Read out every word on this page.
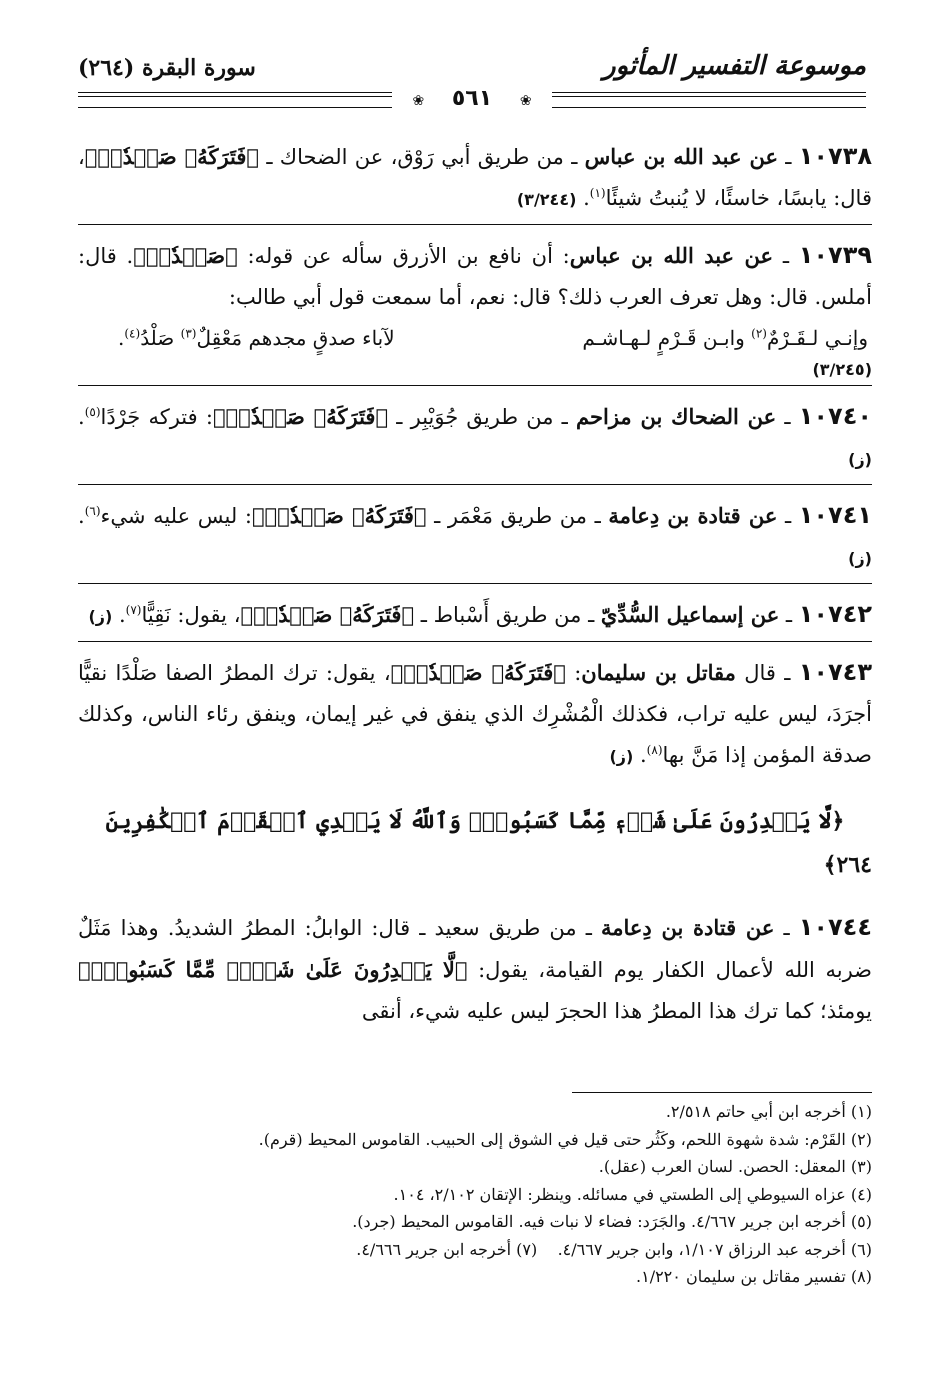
موسوعة التفسير المأثور
سورة البقرة (٢٦٤)
❀ ٥٦١ ❀

١٠٧٣٨ ـ عن عبد الله بن عباس ـ من طريق أبي رَوْق، عن الضحاك ـ ﴿فَتَرَكَهُۥ صَلۡدٗاۖ﴾، قال: يابسًا، خاسئًا، لا يُنبتُ شيئًا$^{(١)}$. (٣/٢٤٤)

١٠٧٣٩ ـ عن عبد الله بن عباس: أن نافع بن الأزرق سأله عن قوله: ﴿صَلۡدٗاۖ﴾. قال: أملس. قال: وهل تعرف العرب ذلك؟ قال: نعم، أما سمعت قول أبي طالب:

وإنـي لـقَـرْمٌ$^{(٢)}$ وابـن قَـرْمٍ لـهـاشـم
لآباء صدقٍ مجدهم مَعْقِلٌ$^{(٣)}$ صَلْدُ$^{(٤)}$.
(٣/٢٤٥)

١٠٧٤٠ ـ عن الضحاك بن مزاحم ـ من طريق جُوَيْبِر ـ ﴿فَتَرَكَهُۥ صَلۡدٗاۖ﴾: فتركه جَرْدًا$^{(٥)}$. (ز)

١٠٧٤١ ـ عن قتادة بن دِعامة ـ من طريق مَعْمَر ـ ﴿فَتَرَكَهُۥ صَلۡدٗاۖ﴾: ليس عليه شيء$^{(٦)}$. (ز)

١٠٧٤٢ ـ عن إسماعيل السُّدِّيّ ـ من طريق أَسْباط ـ ﴿فَتَرَكَهُۥ صَلۡدٗاۖ﴾، يقول: نَقِيًّا$^{(٧)}$. (ز)

١٠٧٤٣ ـ قال مقاتل بن سليمان: ﴿فَتَرَكَهُۥ صَلۡدٗاۖ﴾، يقول: ترك المطرُ الصفا صَلْدًا نقيًّا أجرَدَ، ليس عليه تراب، فكذلك الْمُشْرِك الذي ينفق في غير إيمان، وينفق رئاء الناس، وكذلك صدقة المؤمن إذا مَنَّ بها$^{(٨)}$. (ز)

﴿لَّا يَقۡدِرُونَ عَلَىٰ شَيۡءٖ مِّمَّا كَسَبُواْۗ وَٱللَّهُ لَا يَهۡدِي ٱلۡقَوۡمَ ٱلۡكَٰفِرِينَ ٢٦٤﴾

١٠٧٤٤ ـ عن قتادة بن دِعامة ـ من طريق سعيد ـ قال: الوابلُ: المطرُ الشديدُ. وهذا مَثَلٌ ضربه الله لأعمال الكفار يوم القيامة، يقول: ﴿لَّا يَقۡدِرُونَ عَلَىٰ شَيۡءٖ مِّمَّا كَسَبُواْۗ﴾ يومئذ؛ كما ترك هذا المطرُ هذا الحجرَ ليس عليه شيء، أنقى

(١) أخرجه ابن أبي حاتم ٢/٥١٨.
(٢) القَرْم: شدة شهوة اللحم، وكَثُر حتى قيل في الشوق إلى الحبيب. القاموس المحيط (قرم).
(٣) المعقل: الحصن. لسان العرب (عقل).
(٤) عزاه السيوطي إلى الطستي في مسائله. وينظر: الإتقان ٢/١٠٢، ١٠٤.
(٥) أخرجه ابن جرير ٤/٦٦٧. والجَرَد: فضاء لا نبات فيه. القاموس المحيط (جرد).
(٦) أخرجه عبد الرزاق ١/١٠٧، وابن جرير ٤/٦٦٧.    (٧) أخرجه ابن جرير ٤/٦٦٦.
(٨) تفسير مقاتل بن سليمان ١/٢٢٠.
